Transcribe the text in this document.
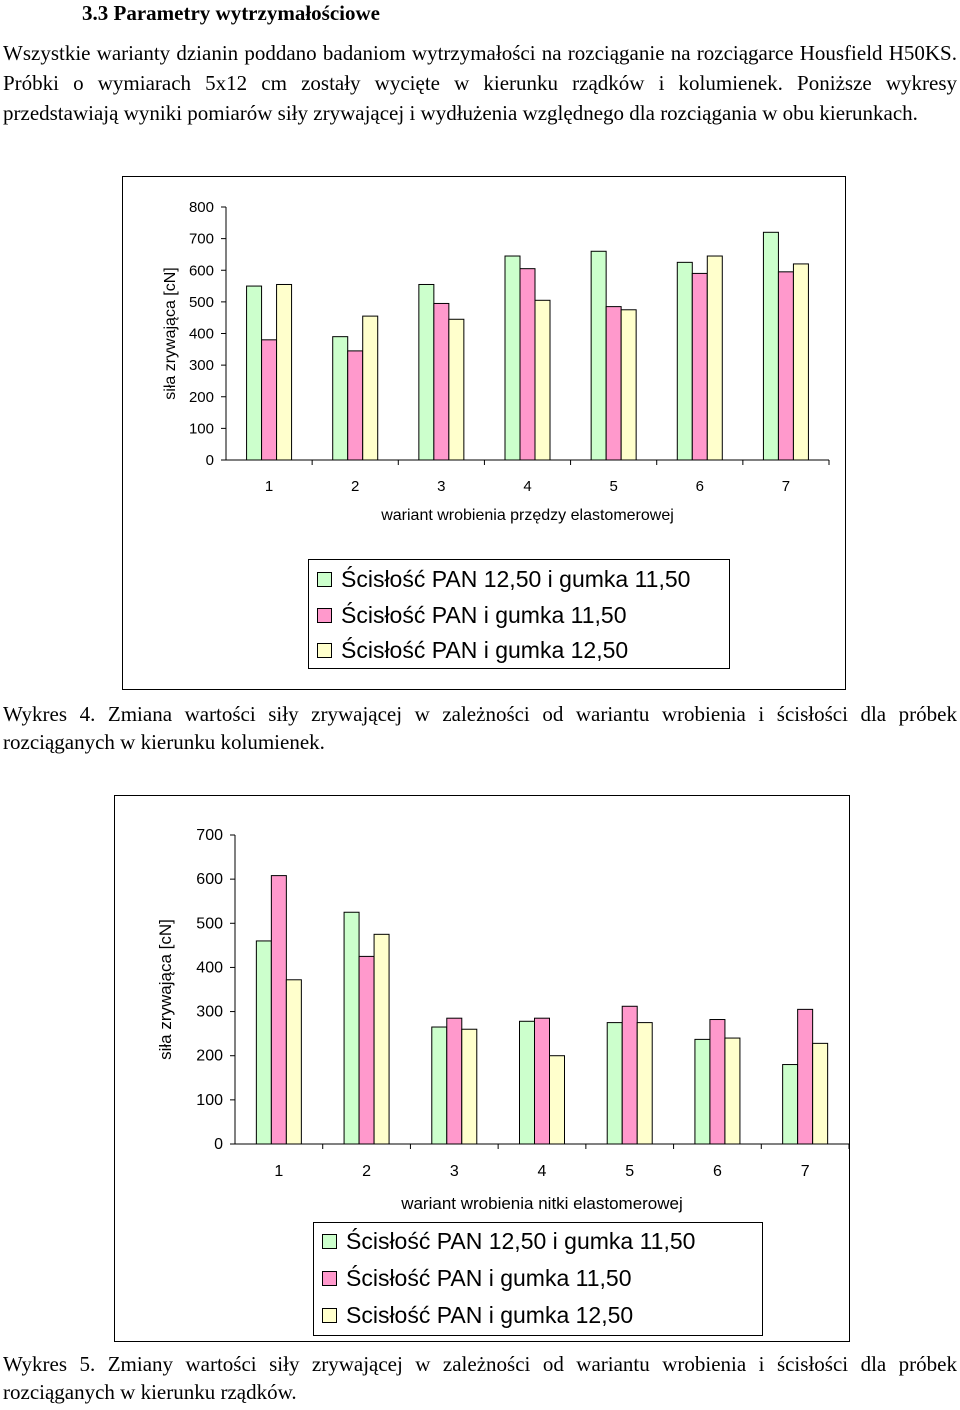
3.3 Parametry wytrzymałościowe
Wszystkie warianty dzianin poddano badaniom wytrzymałości na rozciąganie na rozciągarce Housfield H50KS. Próbki o wymiarach 5x12 cm zostały wycięte w kierunku rządków i kolumienek. Poniższe wykresy przedstawiają wyniki pomiarów siły zrywającej i wydłużenia względnego dla rozciągania w obu kierunkach.
0
100
200
300
400
500
600
700
800
1	2	3	4	5	6	7
wariant wrobienia przędzy elastomerowej
siła zrywająca [cN]
Ścisłość PAN 12,50 i gumka 11,50
Ścisłość PAN i gumka 11,50
Ścisłość PAN i gumka 12,50
Wykres 4. Zmiana wartości siły zrywającej w zależności od wariantu wrobienia i ścisłości dla próbek rozciąganych w kierunku kolumienek.
0
100
200
300
400
500
600
700
1	2	3	4	5	6	7
wariant wrobienia nitki elastomerowej
siła zrywająca [cN]
Ścisłość PAN 12,50 i gumka 11,50
Ścisłość PAN i gumka 11,50
Scisłość PAN i gumka 12,50
Wykres 5. Zmiany wartości siły zrywającej w zależności od wariantu wrobienia i ścisłości dla próbek rozciąganych w kierunku rządków.
